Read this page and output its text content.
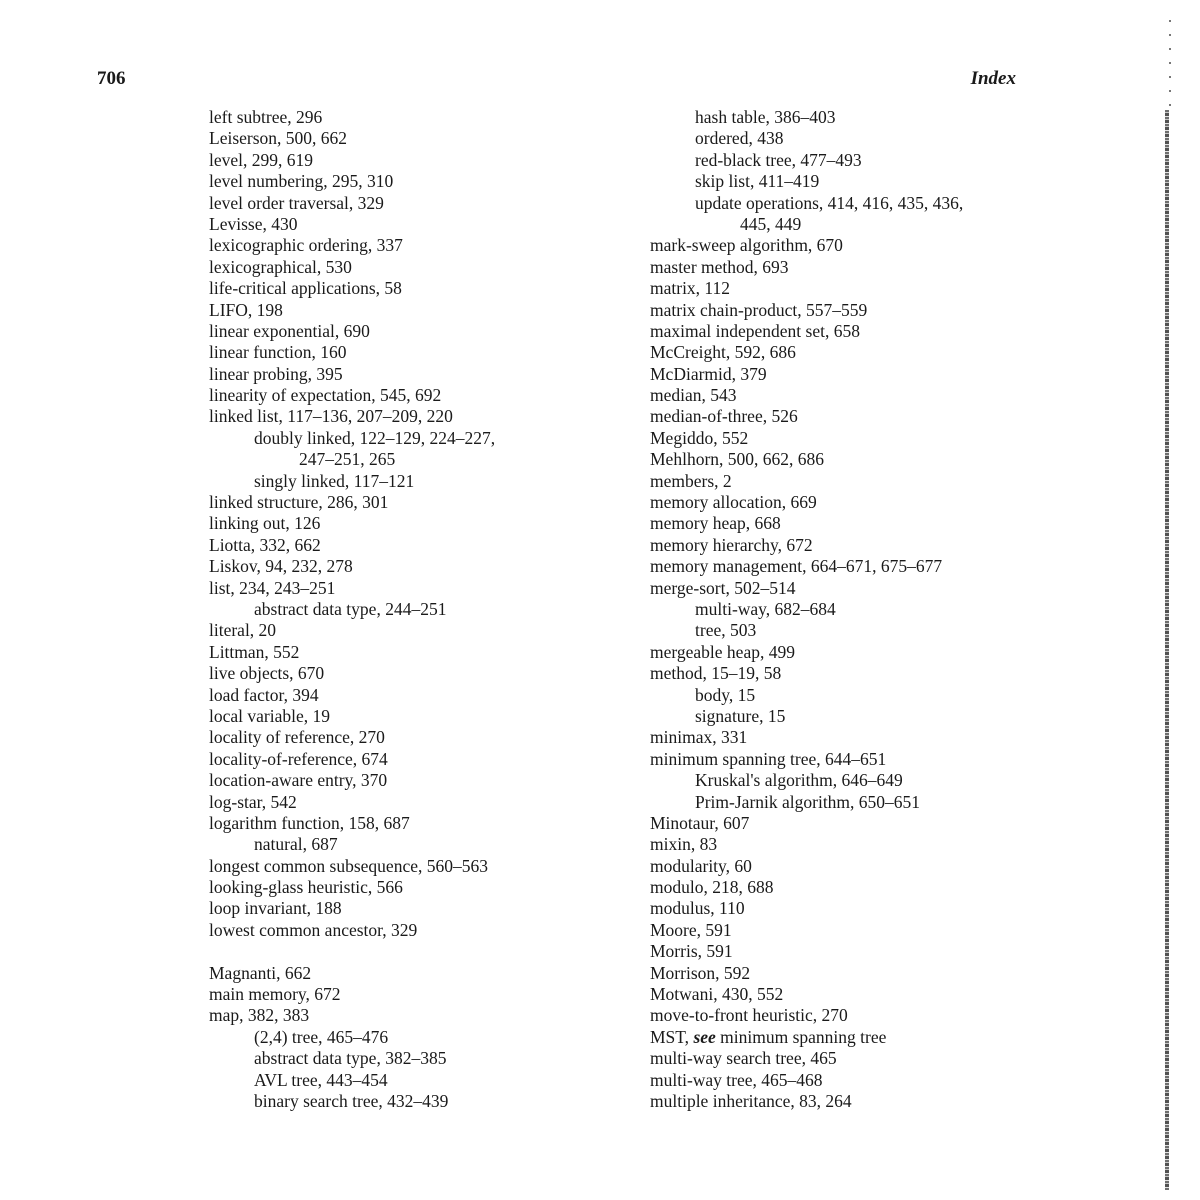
706	Index
left subtree, 296
Leiserson, 500, 662
level, 299, 619
level numbering, 295, 310
level order traversal, 329
Levisse, 430
lexicographic ordering, 337
lexicographical, 530
life-critical applications, 58
LIFO, 198
linear exponential, 690
linear function, 160
linear probing, 395
linearity of expectation, 545, 692
linked list, 117–136, 207–209, 220
doubly linked, 122–129, 224–227,
247–251, 265
singly linked, 117–121
linked structure, 286, 301
linking out, 126
Liotta, 332, 662
Liskov, 94, 232, 278
list, 234, 243–251
abstract data type, 244–251
literal, 20
Littman, 552
live objects, 670
load factor, 394
local variable, 19
locality of reference, 270
locality-of-reference, 674
location-aware entry, 370
log-star, 542
logarithm function, 158, 687
natural, 687
longest common subsequence, 560–563
looking-glass heuristic, 566
loop invariant, 188
lowest common ancestor, 329
Magnanti, 662
main memory, 672
map, 382, 383
(2,4) tree, 465–476
abstract data type, 382–385
AVL tree, 443–454
binary search tree, 432–439
hash table, 386–403
ordered, 438
red-black tree, 477–493
skip list, 411–419
update operations, 414, 416, 435, 436,
445, 449
mark-sweep algorithm, 670
master method, 693
matrix, 112
matrix chain-product, 557–559
maximal independent set, 658
McCreight, 592, 686
McDiarmid, 379
median, 543
median-of-three, 526
Megiddo, 552
Mehlhorn, 500, 662, 686
members, 2
memory allocation, 669
memory heap, 668
memory hierarchy, 672
memory management, 664–671, 675–677
merge-sort, 502–514
multi-way, 682–684
tree, 503
mergeable heap, 499
method, 15–19, 58
body, 15
signature, 15
minimax, 331
minimum spanning tree, 644–651
Kruskal's algorithm, 646–649
Prim-Jarnik algorithm, 650–651
Minotaur, 607
mixin, 83
modularity, 60
modulo, 218, 688
modulus, 110
Moore, 591
Morris, 591
Morrison, 592
Motwani, 430, 552
move-to-front heuristic, 270
MST, see minimum spanning tree
multi-way search tree, 465
multi-way tree, 465–468
multiple inheritance, 83, 264
